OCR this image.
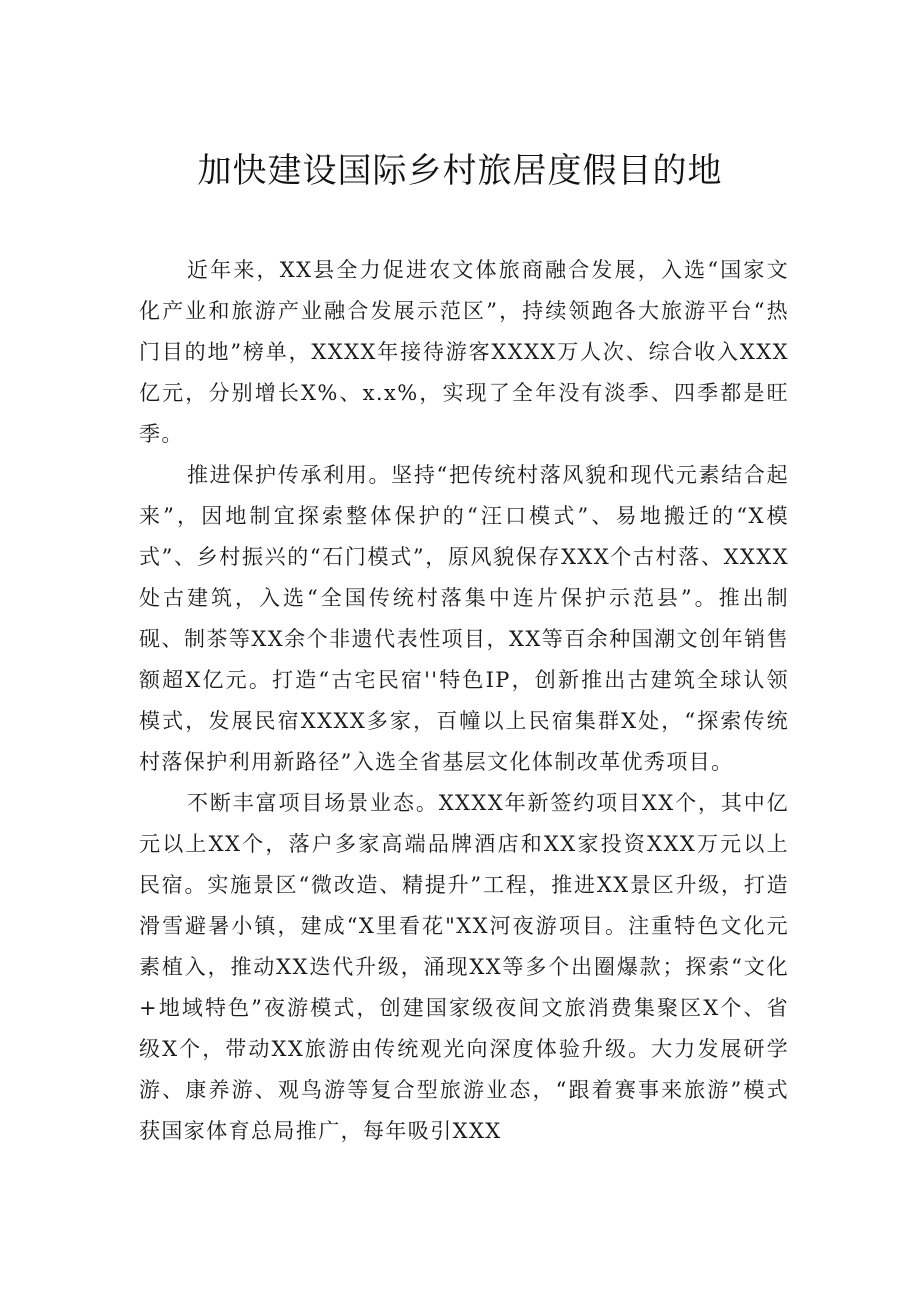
加快建设国际乡村旅居度假目的地

近年来，XX县全力促进农文体旅商融合发展，入选“国家文化产业和旅游产业融合发展示范区”，持续领跑各大旅游平台“热门目的地”榜单，XXXX年接待游客XXXX万人次、综合收入XXX亿元，分别增长X%、x.x%，实现了全年没有淡季、四季都是旺季。

推进保护传承利用。坚持“把传统村落风貌和现代元素结合起来”，因地制宜探索整体保护的“汪口模式”、易地搬迁的“X模式”、乡村振兴的“石门模式”，原风貌保存XXX个古村落、XXXX处古建筑，入选“全国传统村落集中连片保护示范县”。推出制砚、制茶等XX余个非遗代表性项目，XX等百余种国潮文创年销售额超X亿元。打造“古宅民宿''特色IP，创新推出古建筑全球认领模式，发展民宿XXXX多家，百幢以上民宿集群X处，“探索传统村落保护利用新路径”入选全省基层文化体制改革优秀项目。

不断丰富项目场景业态。XXXX年新签约项目XX个，其中亿元以上XX个，落户多家高端品牌酒店和XX家投资XXX万元以上民宿。实施景区“微改造、精提升”工程，推进XX景区升级，打造滑雪避暑小镇，建成“X里看花"XX河夜游项目。注重特色文化元素植入，推动XX迭代升级，涌现XX等多个出圈爆款；探索“文化+地域特色”夜游模式，创建国家级夜间文旅消费集聚区X个、省级X个，带动XX旅游由传统观光向深度体验升级。大力发展研学游、康养游、观鸟游等复合型旅游业态，“跟着赛事来旅游”模式获国家体育总局推广，每年吸引XXX
